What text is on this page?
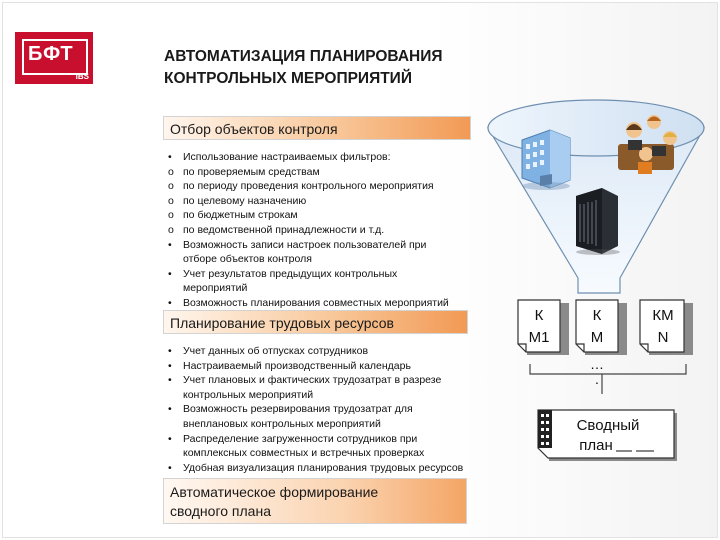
БФТ
IBS
АВТОМАТИЗАЦИЯ ПЛАНИРОВАНИЯ
КОНТРОЛЬНЫХ МЕРОПРИЯТИЙ
Отбор объектов контроля
• Использование настраиваемых фильтров:
o по проверяемым средствам
o по периоду проведения контрольного мероприятия
o по целевому назначению
o по бюджетным строкам
o по ведомственной принадлежности и т.д.
• Возможность записи настроек пользователей при
отборе объектов контроля
• Учет результатов предыдущих контрольных
мероприятий
• Возможность планирования совместных мероприятий
Планирование трудовых ресурсов
• Учет данных об отпусках сотрудников
• Настраиваемый производственный календарь
• Учет плановых и фактических трудозатрат в разрезе
контрольных мероприятий
• Возможность резервирования трудозатрат для
внеплановых контрольных мероприятий
• Распределение загруженности сотрудников при
комплексных совместных и встречных проверках
• Удобная визуализация планирования трудовых ресурсов
Автоматическое формирование
сводного плана
К
М1
К
М
КМ
N
…
.
Сводный
план
